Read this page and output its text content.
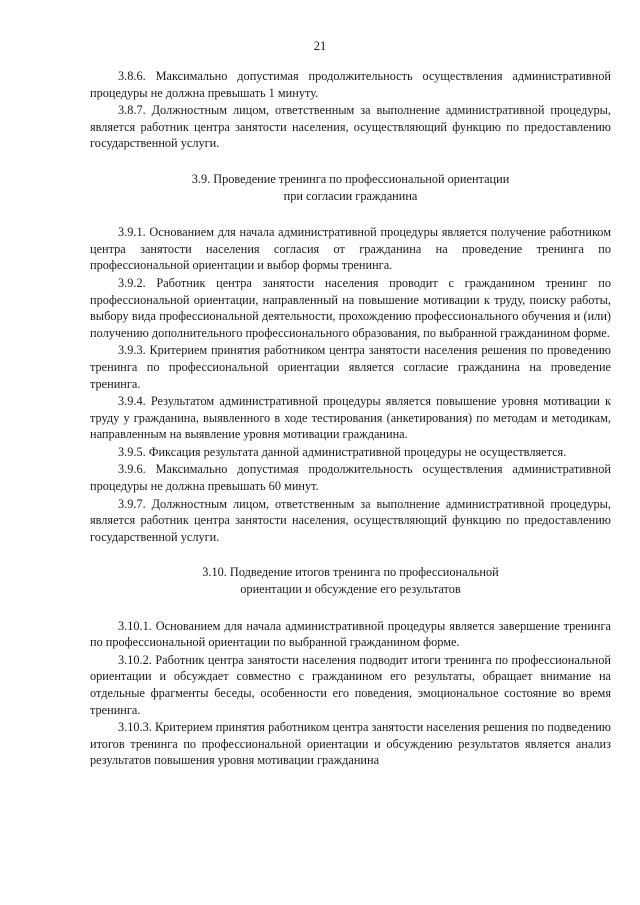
21

3.8.6. Максимально допустимая продолжительность осуществления административной процедуры не должна превышать 1 минуту.

3.8.7. Должностным лицом, ответственным за выполнение административной процедуры, является работник центра занятости населения, осуществляющий функцию по предоставлению государственной услуги.

3.9. Проведение тренинга по профессиональной ориентации
при согласии гражданина

3.9.1. Основанием для начала административной процедуры является получение работником центра занятости населения согласия от гражданина на проведение тренинга по профессиональной ориентации и выбор формы тренинга.

3.9.2. Работник центра занятости населения проводит с гражданином тренинг по профессиональной ориентации, направленный на повышение мотивации к труду, поиску работы, выбору вида профессиональной деятельности, прохождению профессионального обучения и (или) получению дополнительного профессионального образования, по выбранной гражданином форме.

3.9.3. Критерием принятия работником центра занятости населения решения по проведению тренинга по профессиональной ориентации является согласие гражданина на проведение тренинга.

3.9.4. Результатом административной процедуры является повышение уровня мотивации к труду у гражданина, выявленного в ходе тестирования (анкетирования) по методам и методикам, направленным на выявление уровня мотивации гражданина.

3.9.5. Фиксация результата данной административной процедуры не осуществляется.

3.9.6. Максимально допустимая продолжительность осуществления административной процедуры не должна превышать 60 минут.

3.9.7. Должностным лицом, ответственным за выполнение административной процедуры, является работник центра занятости населения, осуществляющий функцию по предоставлению государственной услуги.

3.10. Подведение итогов тренинга по профессиональной
ориентации и обсуждение его результатов

3.10.1. Основанием для начала административной процедуры является завершение тренинга по профессиональной ориентации по выбранной гражданином форме.

3.10.2. Работник центра занятости населения подводит итоги тренинга по профессиональной ориентации и обсуждает совместно с гражданином его результаты, обращает внимание на отдельные фрагменты беседы, особенности его поведения, эмоциональное состояние во время тренинга.

3.10.3. Критерием принятия работником центра занятости населения решения по подведению итогов тренинга по профессиональной ориентации и обсуждению результатов является анализ результатов повышения уровня мотивации гражданина
